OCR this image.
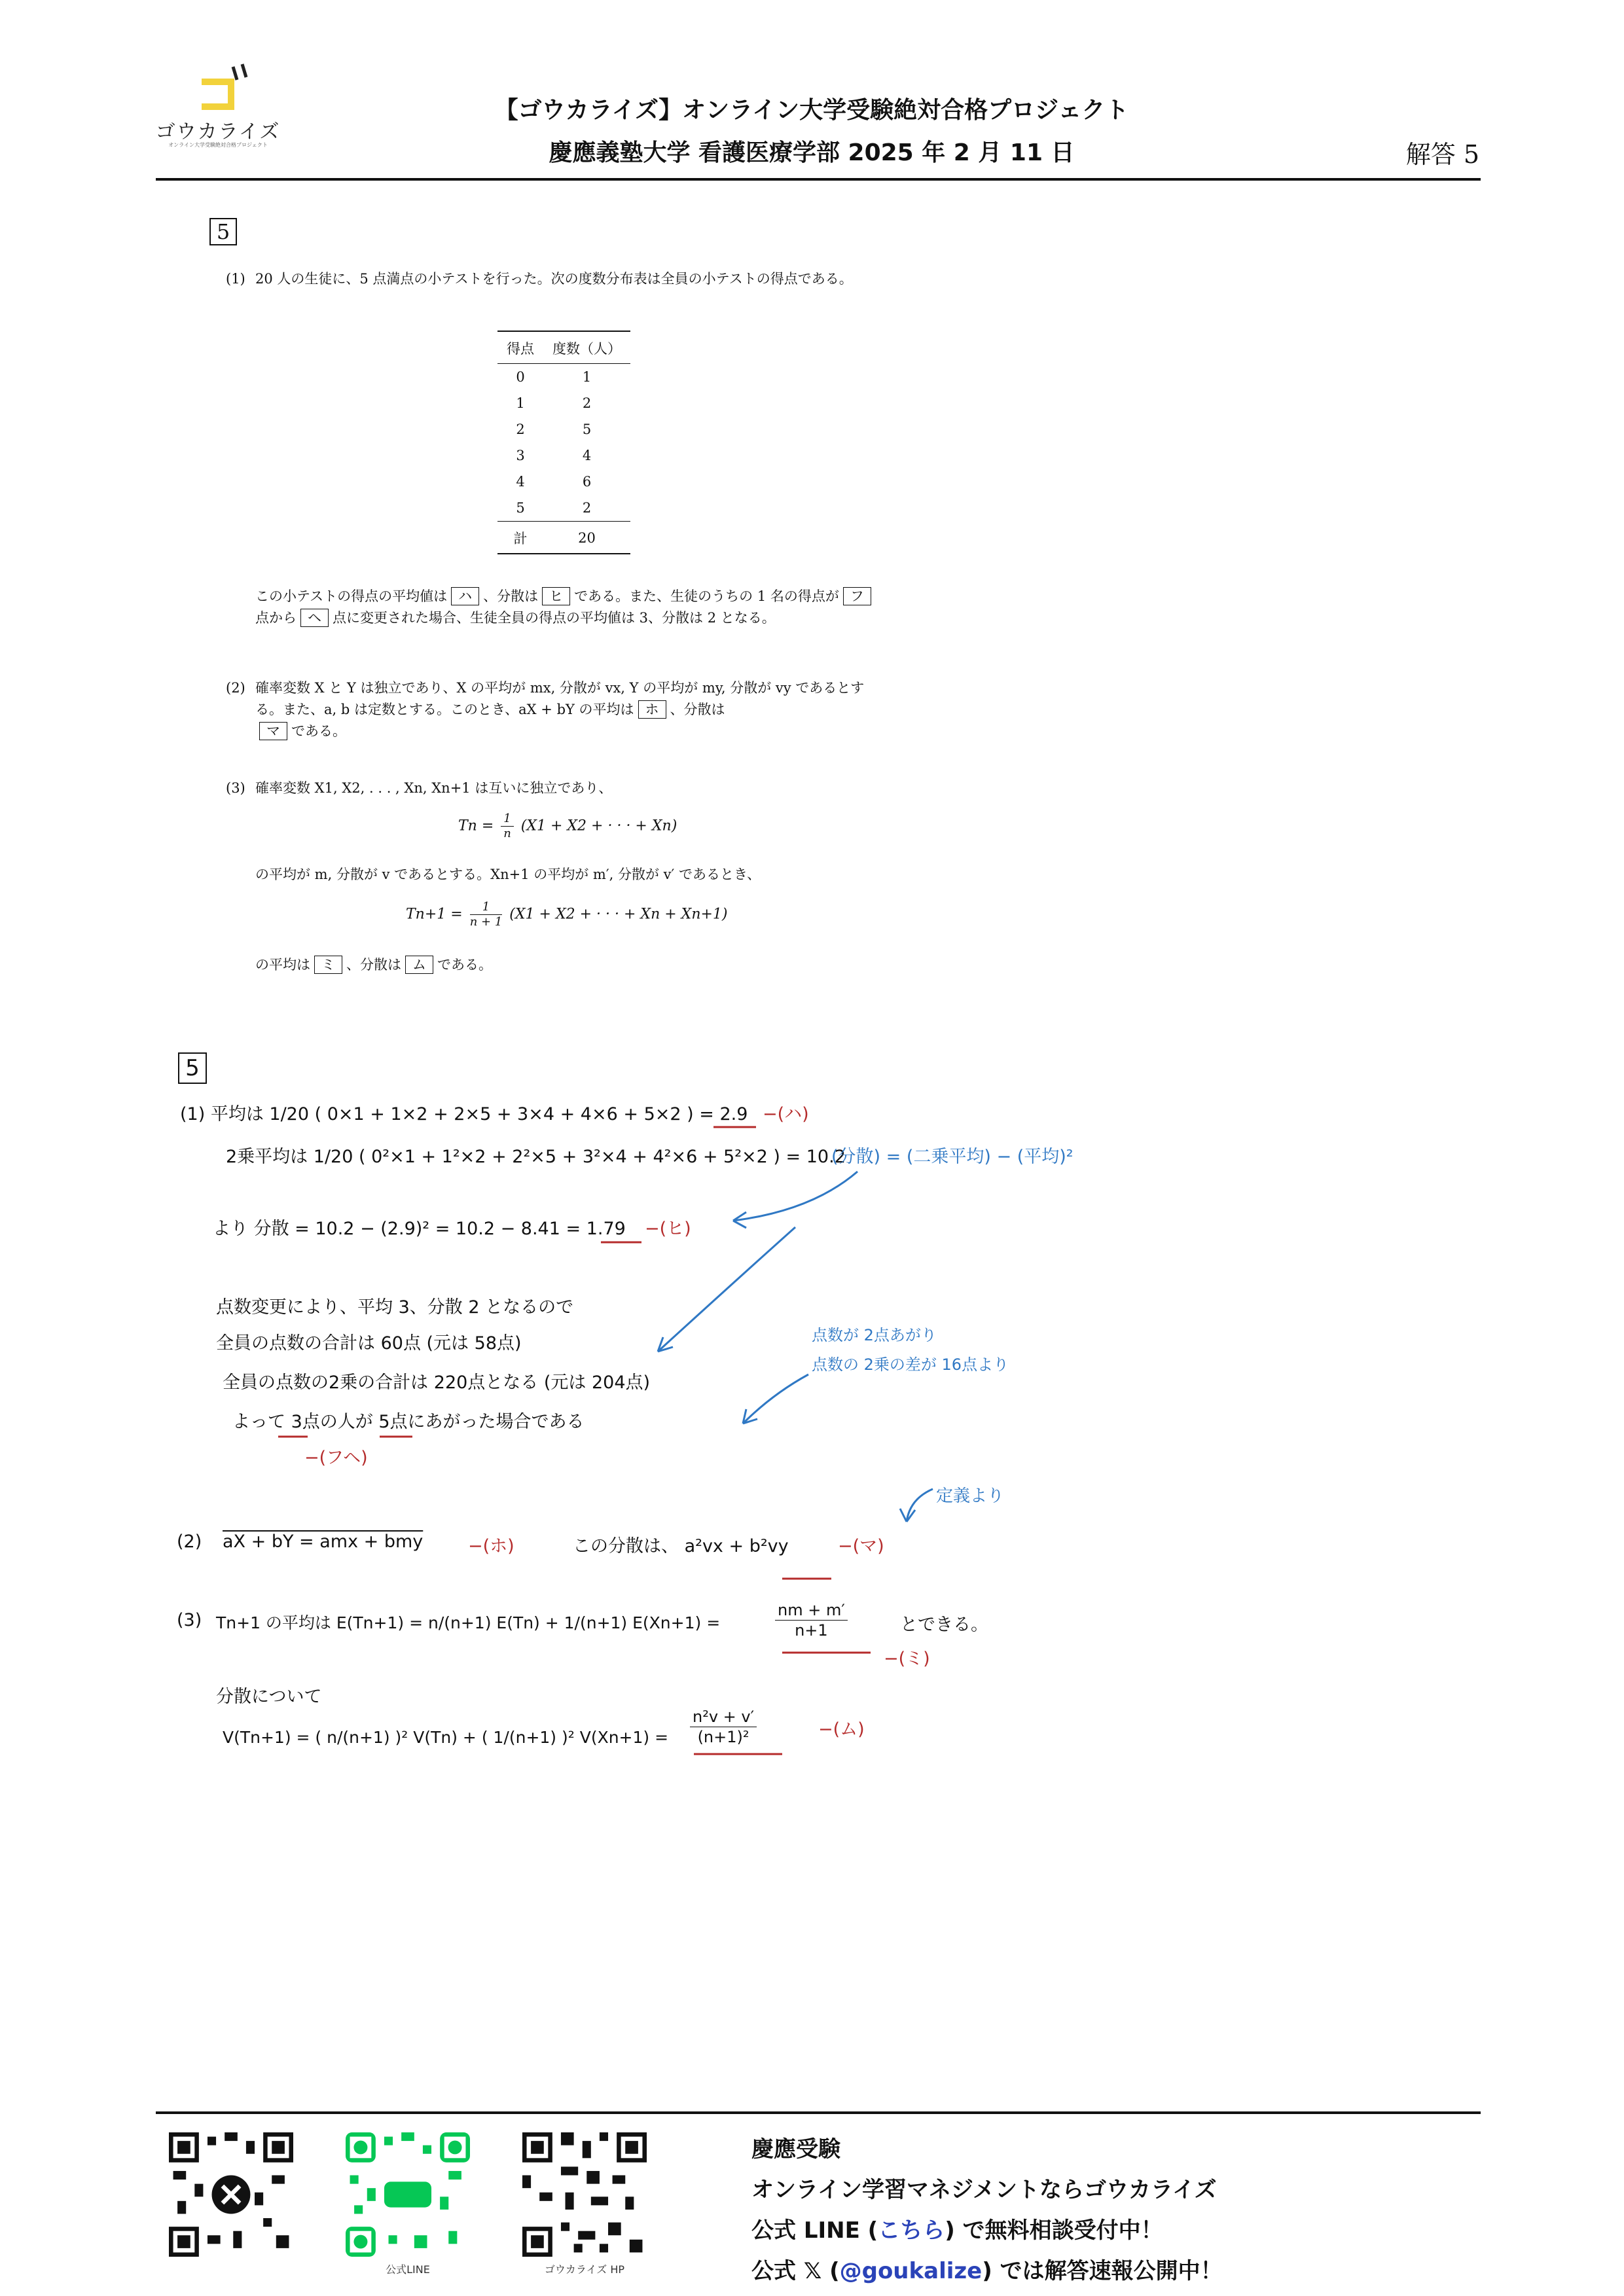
ゴウカライズ
オンライン大学受験絶対合格プロジェクト
【ゴウカライズ】オンライン大学受験絶対合格プロジェクト
慶應義塾大学 看護医療学部 2025 年 2 月 11 日	解答 5
5
(1) 20 人の生徒に、5 点満点の小テストを行った。次の度数分布表は全員の小テストの得点である。
得点	度数（人）
0	1
1	2
2	5
3	4
4	6
5	2
計	20
この小テストの得点の平均値は ハ 、分散は ヒ である。また、生徒のうちの 1 名の得点が フ点から ヘ 点に変更された場合、生徒全員の得点の平均値は 3、分散は 2 となる。
(2) 確率変数 X と Y は独立であり、X の平均が mx, 分散が vx, Y の平均が my, 分散が vy であるとする。また、a, b は定数とする。このとき、aX + bY の平均は ホ 、分散は
マ である。
(3) 確率変数 X1, X2, . . . , Xn, Xn+1 は互いに独立であり、
$Tn = \frac{1}{n} (X1 + X2$ + · · · + Xn)
の平均が m, 分散が v であるとする。Xn+1 の平均が m′, 分散が v′ であるとき、
$Tn+1 = \frac{1}{n + 1} (X1 + X2$ + · · · + Xn + Xn+1)
の平均は ミ 、分散は ム である。
5
(1) 平均は 1/20 ( 0×1 + 1×2 + 2×5 + 3×4 + 4×6 + 5×2 ) = 2.9 −(ハ)
2乗平均は 1/20 ( 0²×1 + 1²×2 + 2²×5 + 3²×4 + 4²×6 + 5²×2 ) = 10.2
(分散) = (二乗平均) − (平均)²
より 分散 = 10.2 − (2.9)² = 10.2 − 8.41 = 1.79 −(ヒ)
点数変更により、平均 3、分散 2 となるので
全員の点数の合計は 60点 (元は 58点)
全員の点数の2乗の合計は 220点となる (元は 204点)
よって 3点の人が 5点にあがった場合である
−(フヘ)
点数が 2点あがり
点数の 2乗の差が 16点より
定義より
(2) aX + bY = amx + bmy	−(ホ)	この分散は、 a²vx + b²vy	−(マ)
(3) Tn+1 の平均は E(Tn+1) = n/(n+1) E(Tn) + 1/(n+1) E(Xn+1) =	$\frac{nm + m'}{n+1}$	とできる。
−(ミ)
分散について
V(Tn+1) = ( n/(n+1) )² V(Tn) + ( 1/(n+1) )² $V(Xn+1) = \frac{\text{n²v + v′}}{\text{(n+1)²}}$	−(ム)
LINE
公式LINE	ゴウカライズ HP
慶應受験
オンライン学習マネジメントならゴウカライズ
公式 LINE (こちら) で無料相談受付中！
公式 𝕏 (@goukalize) では解答速報公開中！
